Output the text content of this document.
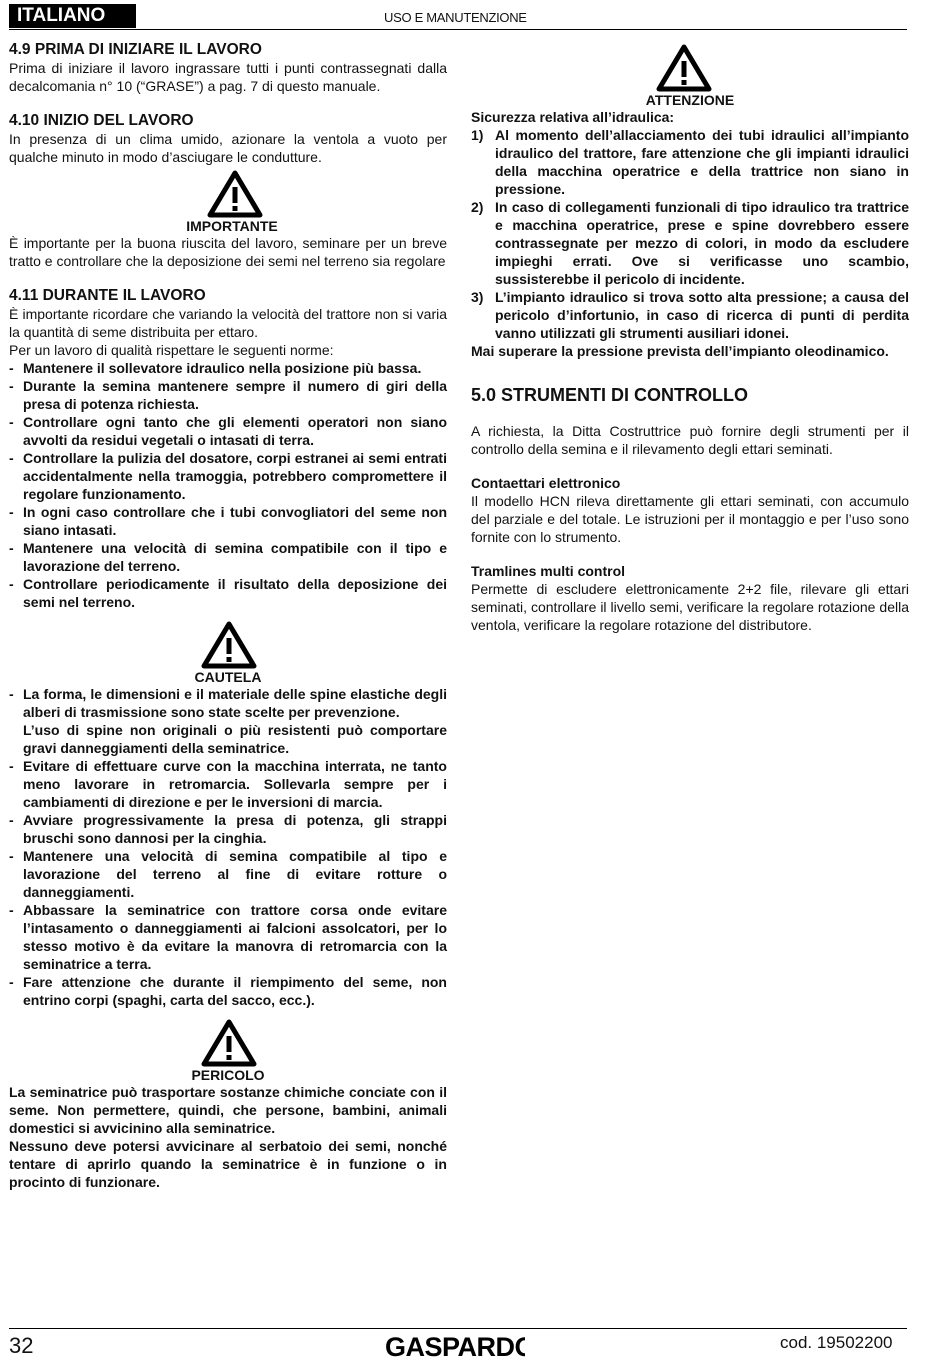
ITALIANO	USO E MANUTENZIONE
4.9 PRIMA DI INIZIARE IL LAVORO

Prima di iniziare il lavoro ingrassare tutti i punti contrassegnati dalla decalcomania n° 10 (“GRASE”) a pag. 7 di questo manuale.

4.10 INIZIO DEL LAVORO

In presenza di un clima umido, azionare la ventola a vuoto per qualche minuto in modo d’asciugare le condutture.

IMPORTANTE

È importante per la buona riuscita del lavoro, seminare per un breve tratto e controllare che la deposizione dei semi nel terreno sia regolare

4.11 DURANTE IL LAVORO

È importante ricordare che variando la velocità del trattore non si varia la quantità di seme distribuita per ettaro.

Per un lavoro di qualità rispettare le seguenti norme:

- Mantenere il sollevatore idraulico nella posizione più bassa.
- Durante la semina mantenere sempre il numero di giri della presa di potenza richiesta.
- Controllare ogni tanto che gli elementi operatori non siano avvolti da residui vegetali o intasati di terra.
- Controllare la pulizia del dosatore, corpi estranei ai semi entrati accidentalmente nella tramoggia, potrebbero compromettere il regolare funzionamento.
- In ogni caso controllare che i tubi convogliatori del seme non siano intasati.
- Mantenere una velocità di semina compatibile con il tipo e lavorazione del terreno.
- Controllare periodicamente il risultato della deposizione dei semi nel terreno.
CAUTELA
- La forma, le dimensioni e il materiale delle spine elastiche degli alberi di trasmissione sono state scelte per prevenzione.
L’uso di spine non originali o più resistenti può comportare gravi danneggiamenti della seminatrice.
- Evitare di effettuare curve con la macchina interrata, ne tanto meno lavorare in retromarcia. Sollevarla sempre per i cambiamenti di direzione e per le inversioni di marcia.
- Avviare progressivamente la presa di potenza, gli strappi bruschi sono dannosi per la cinghia.
- Mantenere una velocità di semina compatibile al tipo e lavorazione del terreno al fine di evitare rotture o danneggiamenti.
- Abbassare la seminatrice con trattore corsa onde evitare l’intasamento o danneggiamenti ai falcioni assolcatori, per lo stesso motivo è da evitare la manovra di retromarcia con la seminatrice a terra.
- Fare attenzione che durante il riempimento del seme, non entrino corpi (spaghi, carta del sacco, ecc.).
PERICOLO

La seminatrice può trasportare sostanze chimiche conciate con il seme. Non permettere, quindi, che persone, bambini, animali domestici si avvicinino alla seminatrice.

Nessuno deve potersi avvicinare al serbatoio dei semi, nonché tentare di aprirlo quando la seminatrice è in funzione o in procinto di funzionare.

ATTENZIONE
Sicurezza relativa all’idraulica:
1) Al momento dell’allacciamento dei tubi idraulici all’impianto idraulico del trattore, fare attenzione che gli impianti idraulici della macchina operatrice e della trattrice non siano in pressione.
2) In caso di collegamenti funzionali di tipo idraulico tra trattrice e macchina operatrice, prese e spine dovrebbero essere contrassegnate per mezzo di colori, in modo da escludere impieghi errati. Ove si verificasse uno scambio, sussisterebbe il pericolo di incidente.
3) L’impianto idraulico si trova sotto alta pressione; a causa del pericolo d’infortunio, in caso di ricerca di punti di perdita vanno utilizzati gli strumenti ausiliari idonei.

Mai superare la pressione prevista dell’impianto oleodinamico.

5.0 STRUMENTI DI CONTROLLO

A richiesta, la Ditta Costruttrice può fornire degli strumenti per il controllo della semina e il rilevamento degli ettari seminati.

Contaettari elettronico

Il modello HCN rileva direttamente gli ettari seminati, con accumulo del parziale e del totale. Le istruzioni per il montaggio e per l’uso sono fornite con lo strumento.

Tramlines multi control

Permette di escludere elettronicamente 2+2 file, rilevare gli ettari seminati, controllare il livello semi, verificare la regolare rotazione della ventola, verificare la regolare rotazione del distributore.

32	GASPARDO	cod. 19502200
